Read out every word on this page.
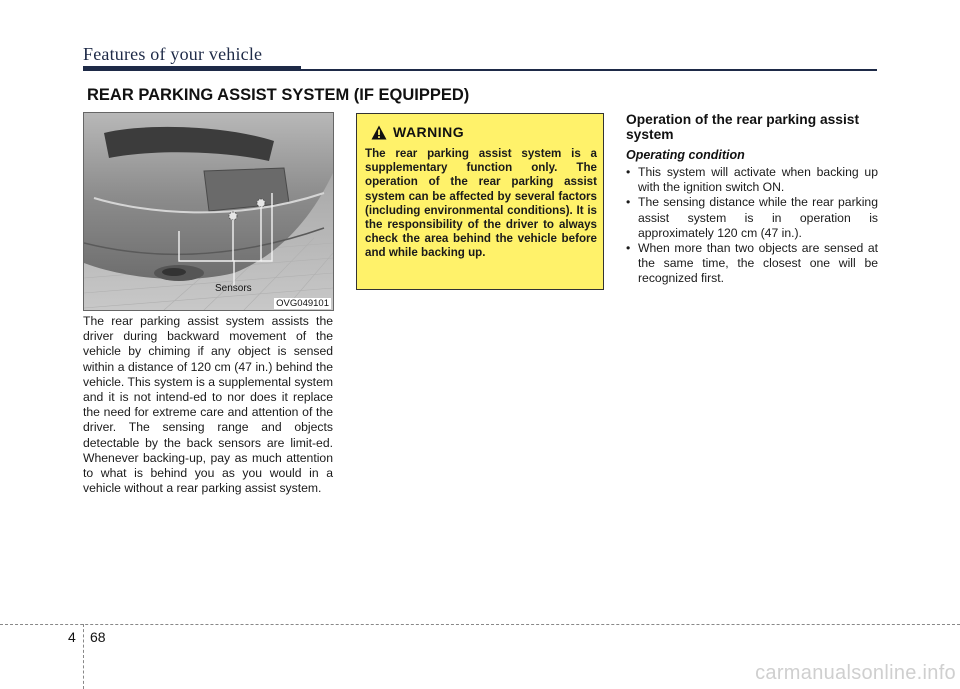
Features of your vehicle
REAR PARKING ASSIST SYSTEM (IF EQUIPPED)
Sensors
OVG049101

The rear parking assist system assists the driver during backward movement of the vehicle by chiming if any object is sensed within a distance of 120 cm (47 in.) behind the vehicle. This system is a supplemental system and it is not intend-ed to nor does it replace the need for extreme care and attention of the driver. The sensing range and objects detectable by the back sensors are limit-ed. Whenever backing-up, pay as much attention to what is behind you as you would in a vehicle without a rear parking assist system.

WARNING

The rear parking assist system is a supplementary function only. The operation of the rear parking assist system can be affected by several factors (including environmental conditions). It is the responsibility of the driver to always check the area behind the vehicle before and while backing up.

Operation of the rear parking assist system

Operating condition

• This system will activate when backing up with the ignition switch ON.
• The sensing distance while the rear parking assist system is in operation is approximately 120 cm (47 in.).
• When more than two objects are sensed at the same time, the closest one will be recognized first.
4 68
carmanualsonline.info
